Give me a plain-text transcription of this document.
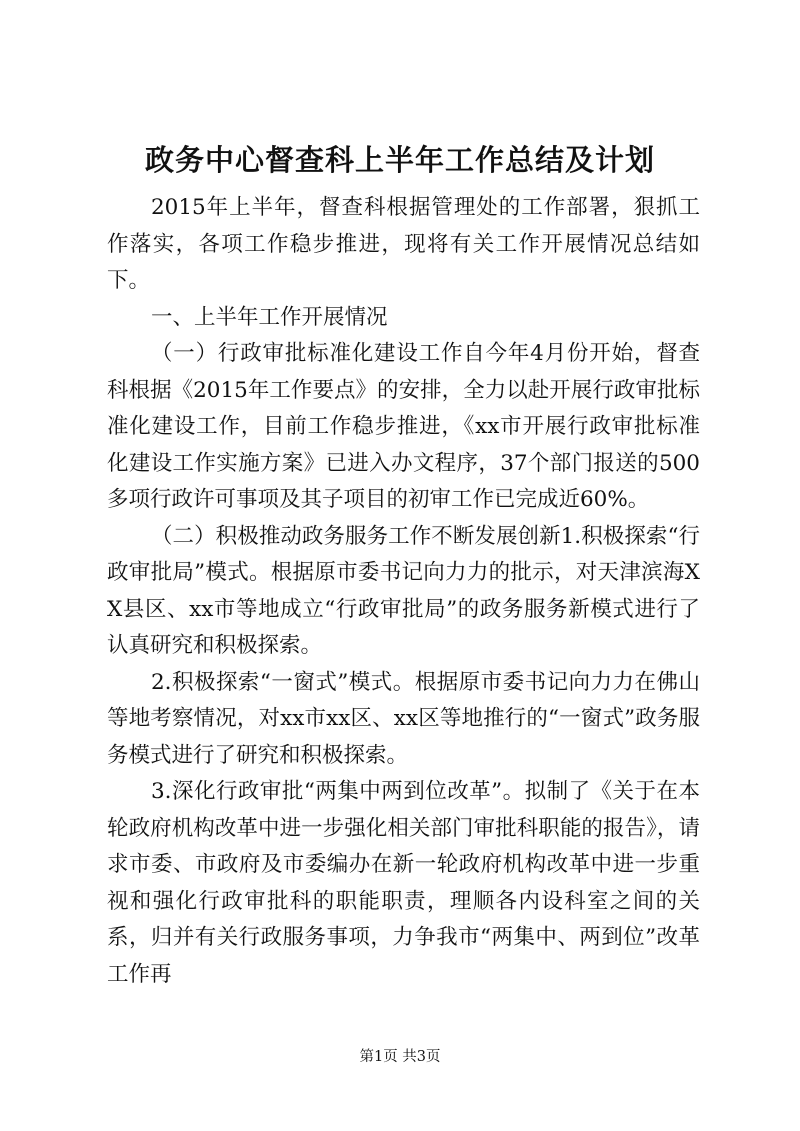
政务中心督查科上半年工作总结及计划

2015年上半年，督查科根据管理处的工作部署，狠抓工作落实，各项工作稳步推进，现将有关工作开展情况总结如下。

一、上半年工作开展情况

（一）行政审批标准化建设工作自今年4月份开始，督查科根据《2015年工作要点》的安排，全力以赴开展行政审批标准化建设工作，目前工作稳步推进，《xx市开展行政审批标准化建设工作实施方案》已进入办文程序，37个部门报送的500多项行政许可事项及其子项目的初审工作已完成近60%。

（二）积极推动政务服务工作不断发展创新1.积极探索“行政审批局”模式。根据原市委书记向力力的批示，对天津滨海XX县区、xx市等地成立“行政审批局”的政务服务新模式进行了认真研究和积极探索。

2.积极探索“一窗式”模式。根据原市委书记向力力在佛山等地考察情况，对xx市xx区、xx区等地推行的“一窗式”政务服务模式进行了研究和积极探索。

3.深化行政审批“两集中两到位改革”。拟制了《关于在本轮政府机构改革中进一步强化相关部门审批科职能的报告》，请求市委、市政府及市委编办在新一轮政府机构改革中进一步重视和强化行政审批科的职能职责，理顺各内设科室之间的关系，归并有关行政服务事项，力争我市“两集中、两到位”改革工作再

第1页 共3页
